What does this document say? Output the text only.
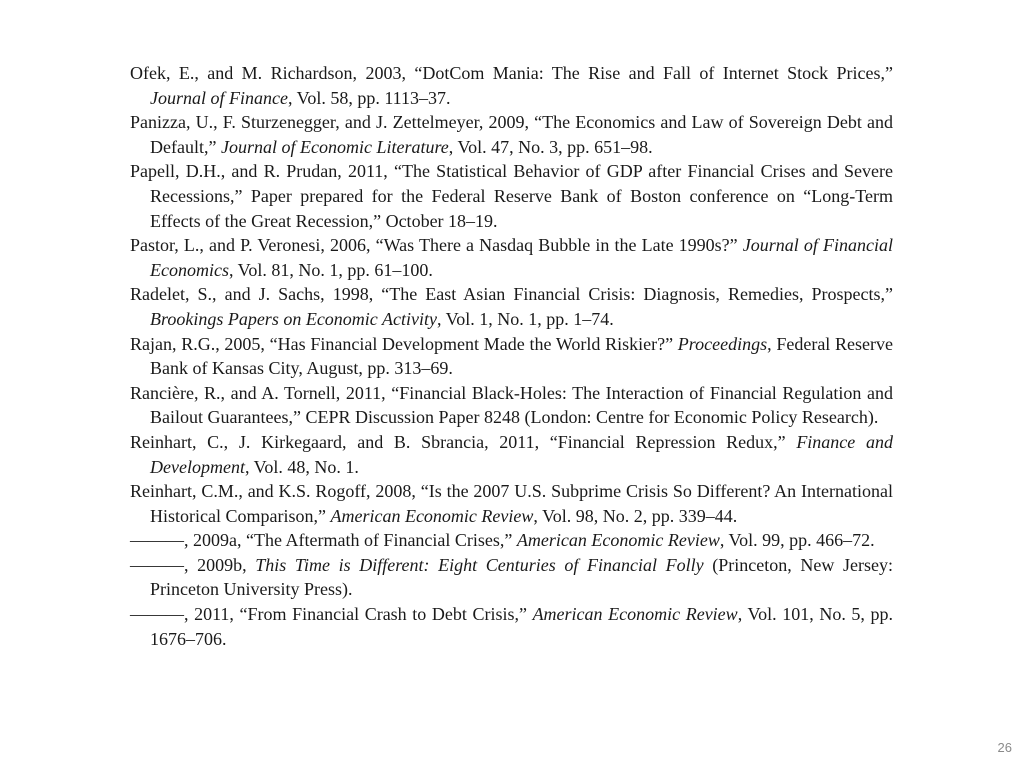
Ofek, E., and M. Richardson, 2003, “DotCom Mania: The Rise and Fall of Internet Stock Prices,” Journal of Finance, Vol. 58, pp. 1113–37.

Panizza, U., F. Sturzenegger, and J. Zettelmeyer, 2009, “The Economics and Law of Sovereign Debt and Default,” Journal of Economic Literature, Vol. 47, No. 3, pp. 651–98.

Papell, D.H., and R. Prudan, 2011, “The Statistical Behavior of GDP after Financial Crises and Severe Recessions,” Paper prepared for the Federal Reserve Bank of Boston conference on “Long-Term Effects of the Great Recession,” October 18–19.

Pastor, L., and P. Veronesi, 2006, “Was There a Nasdaq Bubble in the Late 1990s?” Journal of Financial Economics, Vol. 81, No. 1, pp. 61–100.

Radelet, S., and J. Sachs, 1998, “The East Asian Financial Crisis: Diagnosis, Remedies, Prospects,” Brookings Papers on Economic Activity, Vol. 1, No. 1, pp. 1–74.

Rajan, R.G., 2005, “Has Financial Development Made the World Riskier?” Proceedings, Federal Reserve Bank of Kansas City, August, pp. 313–69.

Rancière, R., and A. Tornell, 2011, “Financial Black-Holes: The Interaction of Financial Regulation and Bailout Guarantees,” CEPR Discussion Paper 8248 (London: Centre for Economic Policy Research).

Reinhart, C., J. Kirkegaard, and B. Sbrancia, 2011, “Financial Repression Redux,” Finance and Development, Vol. 48, No. 1.

Reinhart, C.M., and K.S. Rogoff, 2008, “Is the 2007 U.S. Subprime Crisis So Different? An International Historical Comparison,” American Economic Review, Vol. 98, No. 2, pp. 339–44.

———, 2009a, “The Aftermath of Financial Crises,” American Economic Review, Vol. 99, pp. 466–72.

———, 2009b, This Time is Different: Eight Centuries of Financial Folly (Princeton, New Jersey: Princeton University Press).

———, 2011, “From Financial Crash to Debt Crisis,” American Economic Review, Vol. 101, No. 5, pp. 1676–706.

26
